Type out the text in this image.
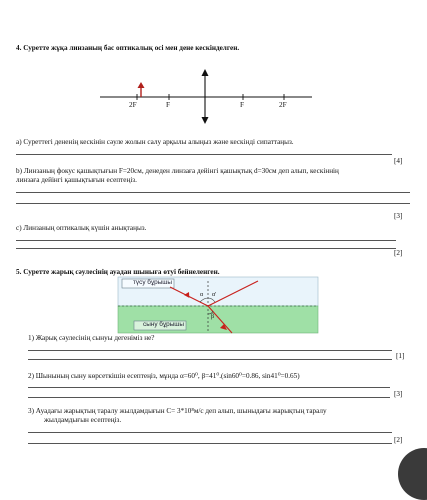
4. Суретте жұқа линзаның бас оптикалық осі мен дене кескінделген.
2F	F	F	2F
а) Суреттегі дененің кескінін сәуле жолын салу арқылы алыңыз және кескінді сипаттаңыз.
[4]
b) Линзаның фокус қашықтығын F=20см, денеден линзаға дейінгі қашықтық d=30см деп алып, кескіннің
линзаға дейінгі қашықтығын есептеңіз.
[3]
c) Линзаның оптикалық күшін анықтаңыз.
[2]
5. Суретте жарық сәулесінің ауадан шыныға өтуі бейнеленген.
түсу бұрышы
сыну бұрышы
α α'
β
1) Жарық сәулесінің сынуы дегеніміз не?
[1]
2) Шынының сыну көрсеткішін есептеңіз, мұнда α=60⁰, β=41⁰.(sin60⁰=0.86, sin41⁰=0.65)
[3]
3) Ауадағы жарықтың таралу жылдамдығын С= 3*10⁸м/с деп алып, шыныдағы жарықтың таралу
жылдамдығын есептеңіз.
[2]
